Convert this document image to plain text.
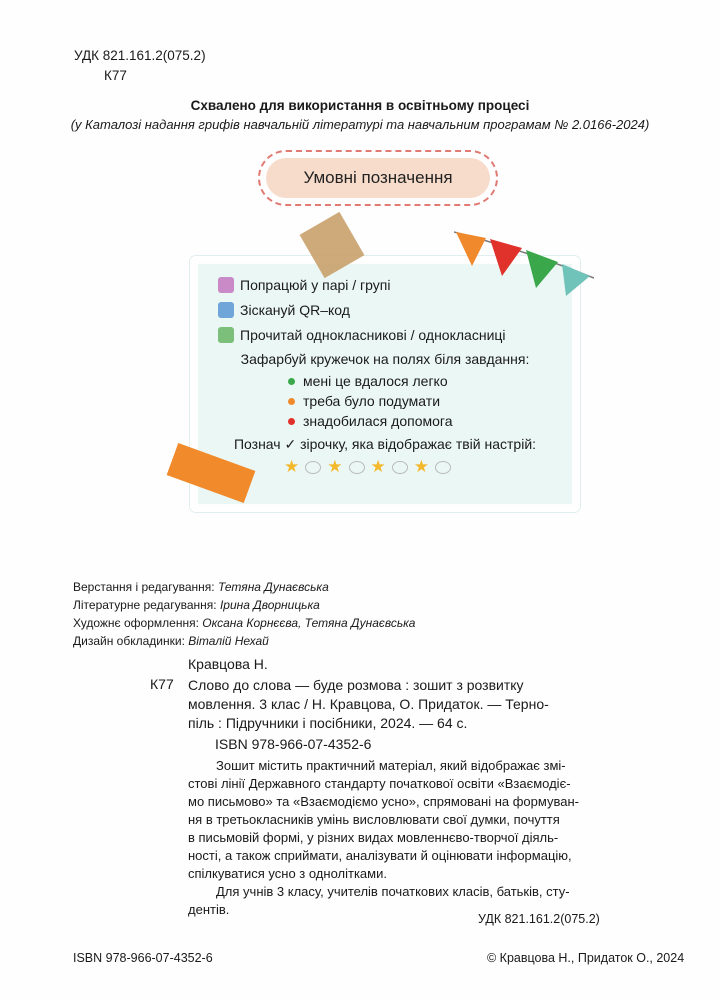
УДК 821.161.2(075.2)
К77
Схвалено для використання в освітньому процесі
(у Каталозі надання грифів навчальній літературі та навчальним програмам № 2.0166-2024)
Умовні позначення
Попрацюй у парі / групі
Зіскануй QR–код
Прочитай однокласникові / однокласниці
Зафарбуй кружечок на полях біля завдання:
мені це вдалося легко
треба було подумати
знадобилася допомога
Познач ✓ зірочку, яка відображає твій настрій:
★ ★ ★ ★
Верстання і редагування: Тетяна Дунаєвська
Літературне редагування: Ірина Дворницька
Художнє оформлення: Оксана Корнєєва, Тетяна Дунаєвська
Дизайн обкладинки: Віталій Нехай
Кравцова Н.
К77 Слово до слова — буде розмова : зошит з розвитку
мовлення. 3 клас / Н. Кравцова, О. Придаток. — Терно-
піль : Підручники і посібники, 2024. — 64 с.
ISBN 978-966-07-4352-6
Зошит містить практичний матеріал, який відображає змі-
стові лінії Державного стандарту початкової освіти «Взаємодіє-
мо письмово» та «Взаємодіємо усно», спрямовані на формуван-
ня в третьокласників умінь висловлювати свої думки, почуття
в письмовій формі, у різних видах мовленнєво-творчої діяль-
ності, а також сприймати, аналізувати й оцінювати інформацію,
спілкуватися усно з однолітками.
Для учнів 3 класу, учителів початкових класів, батьків, сту-
дентів.
УДК 821.161.2(075.2)
ISBN 978-966-07-4352-6	© Кравцова Н., Придаток О., 2024
